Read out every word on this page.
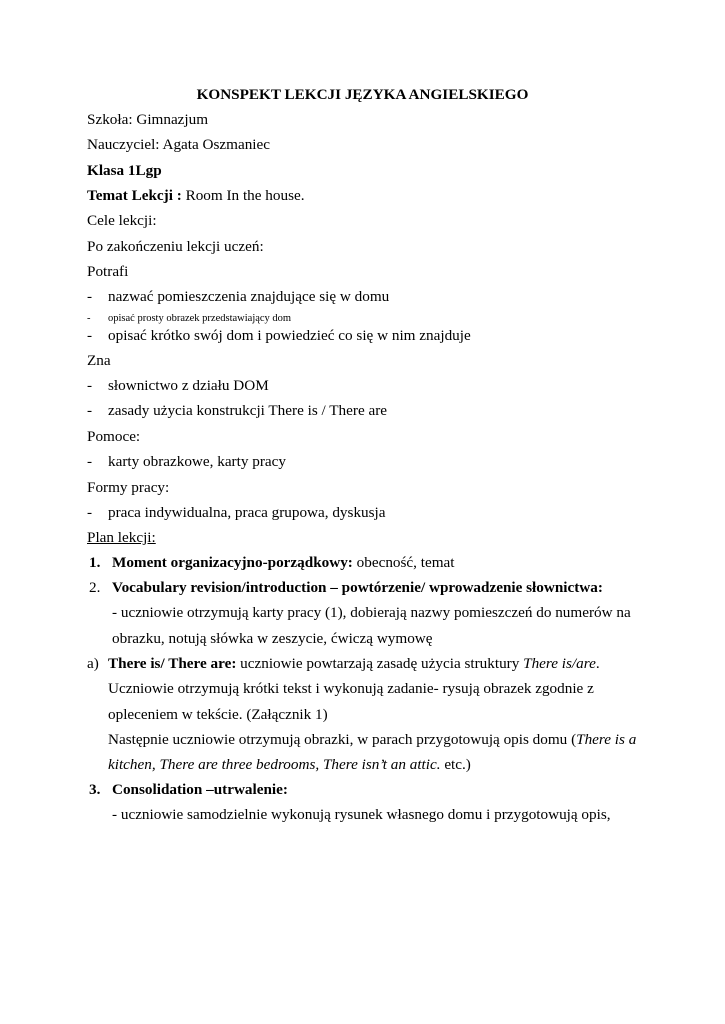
KONSPEKT LEKCJI JĘZYKA ANGIELSKIEGO
Szkoła: Gimnazjum
Nauczyciel: Agata Oszmaniec
Klasa 1Lgp
Temat Lekcji : Room In the house.
Cele lekcji:
Po zakończeniu lekcji uczeń:
Potrafi
- nazwać pomieszczenia znajdujące się w domu
- opisać prosty obrazek przedstawiający dom
- opisać krótko swój dom i powiedzieć co się w nim znajduje
Zna
- słownictwo z działu DOM
- zasady użycia konstrukcji There is / There are
Pomoce:
- karty obrazkowe, karty pracy
Formy pracy:
- praca indywidualna, praca grupowa, dyskusja
Plan lekcji:
1. Moment organizacyjno-porządkowy: obecność, temat
2. Vocabulary revision/introduction – powtórzenie/ wprowadzenie słownictwa:
- uczniowie otrzymują karty pracy (1), dobierają nazwy pomieszczeń do numerów na
obrazku, notują słówka w zeszycie, ćwiczą wymowę
a) There is/ There are: uczniowie powtarzają zasadę użycia struktury There is/are.
Uczniowie otrzymują krótki tekst i wykonują zadanie- rysują obrazek zgodnie z
opleceniem w tekście. (Załącznik 1)
Następnie uczniowie otrzymują obrazki, w parach przygotowują opis domu (There is a
kitchen, There are three bedrooms, There isn’t an attic. etc.)
3. Consolidation –utrwalenie:
- uczniowie samodzielnie wykonują rysunek własnego domu i przygotowują opis,
